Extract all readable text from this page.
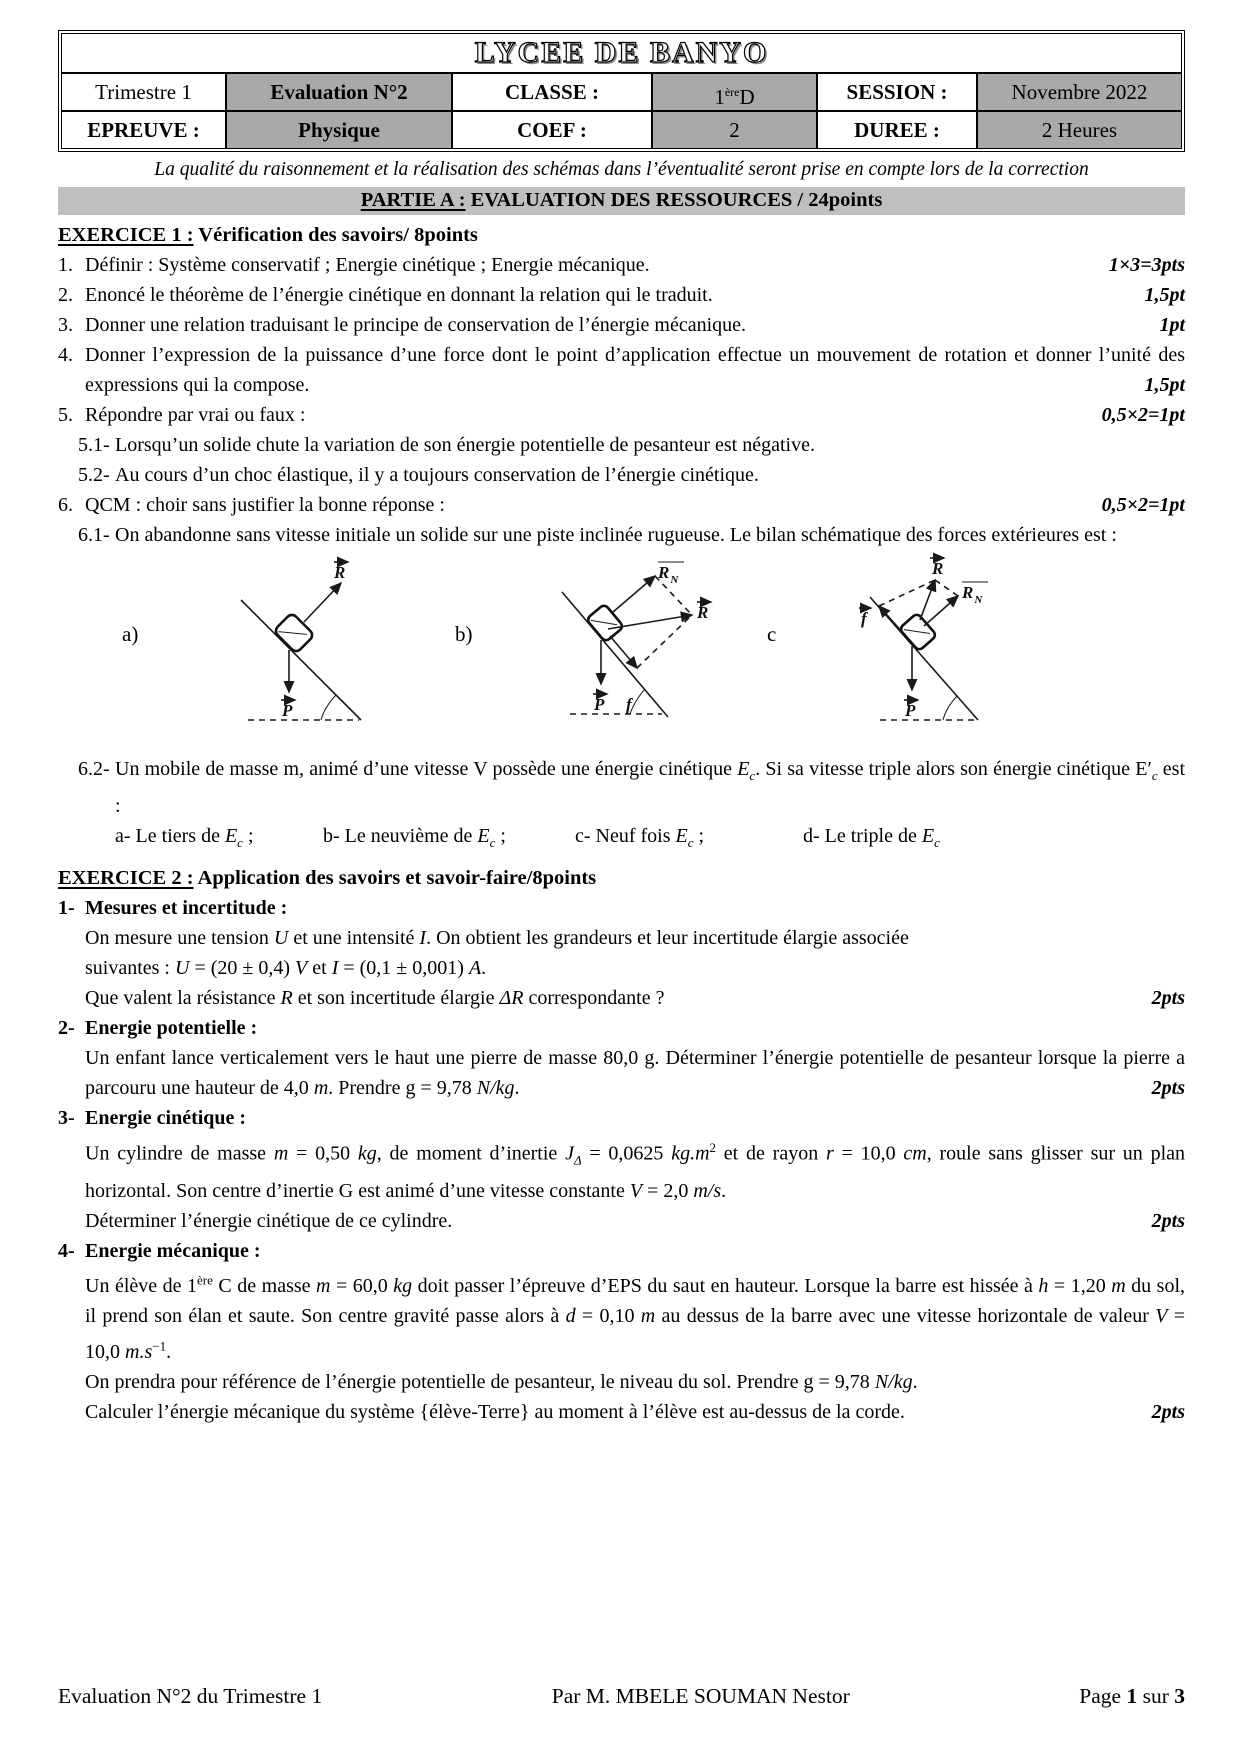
LYCEE DE BANYO
Trimestre 1	Evaluation N°2	CLASSE :	1èreD	SESSION :	Novembre 2022
EPREUVE :	Physique	COEF :	2	DUREE :	2 Heures
La qualité du raisonnement et la réalisation des schémas dans l’éventualité seront prise en compte lors de la correction
PARTIE A : EVALUATION DES RESSOURCES / 24points
EXERCICE 1 : Vérification des savoirs/ 8points
1. Définir : Système conservatif ; Energie cinétique ; Energie mécanique.	1×3=3pts
2. Enoncé le théorème de l’énergie cinétique en donnant la relation qui le traduit.	1,5pt
3. Donner une relation traduisant le principe de conservation de l’énergie mécanique.	1pt
4. Donner l’expression de la puissance d’une force dont le point d’application effectue un mouvement de rotation et donner l’unité des expressions qui la compose.	1,5pt
5. Répondre par vrai ou faux :	0,5×2=1pt
5.1- Lorsqu’un solide chute la variation de son énergie potentielle de pesanteur est négative.
5.2- Au cours d’un choc élastique, il y a toujours conservation de l’énergie cinétique.
6. QCM : choir sans justifier la bonne réponse :	0,5×2=1pt
6.1- On abandonne sans vitesse initiale un solide sur une piste inclinée rugueuse. Le bilan schématique des forces extérieures est :
a)
R
P
b)
$R_N$
R
P f
c
R
$R_N$
f
P
6.2- Un mobile de masse m, animé d’une vitesse V possède une énergie cinétique $E_c$. Si sa vitesse triple alors son énergie cinétique $E'_c$ est :
a- Le tiers de $E_c$ ;	b- Le neuvième de $E_c$ ;	c- Neuf fois $E_c$ ;	d- Le triple de $E_c$
EXERCICE 2 : Application des savoirs et savoir-faire/8points
1- Mesures et incertitude :
On mesure une tension U et une intensité I. On obtient les grandeurs et leur incertitude élargie associée
suivantes : U = (20 ± 0,4) V et I = (0,1 ± 0,001) A.
Que valent la résistance R et son incertitude élargie ΔR correspondante ?	2pts
2- Energie potentielle :
Un enfant lance verticalement vers le haut une pierre de masse 80,0 g. Déterminer l’énergie potentielle de pesanteur lorsque la pierre a parcouru une hauteur de 4,0 m. Prendre g = 9,78 N/kg.	2pts
3- Energie cinétique :
Un cylindre de masse m = 0,50 kg, de moment d’inertie $J_\Delta = 0,0625$ $kg.m^2$ et de rayon r = 10,0 cm, roule sans glisser sur un plan horizontal. Son centre d’inertie G est animé d’une vitesse constante V = 2,0 m/s.
Déterminer l’énergie cinétique de ce cylindre.	2pts
4- Energie mécanique :
Un élève de 1ère C de masse m = 60,0 kg doit passer l’épreuve d’EPS du saut en hauteur. Lorsque la barre est hissée à h = 1,20 m du sol, il prend son élan et saute. Son centre gravité passe alors à d = 0,10 m au dessus de la barre avec une vitesse horizontale de valeur V = 10,0 $m.s^{-1}$.
On prendra pour référence de l’énergie potentielle de pesanteur, le niveau du sol. Prendre g = 9,78 N/kg.
Calculer l’énergie mécanique du système {élève-Terre} au moment à l’élève est au-dessus de la corde.	2pts
Evaluation N°2 du Trimestre 1	Par M. MBELE SOUMAN Nestor	Page 1 sur 3
